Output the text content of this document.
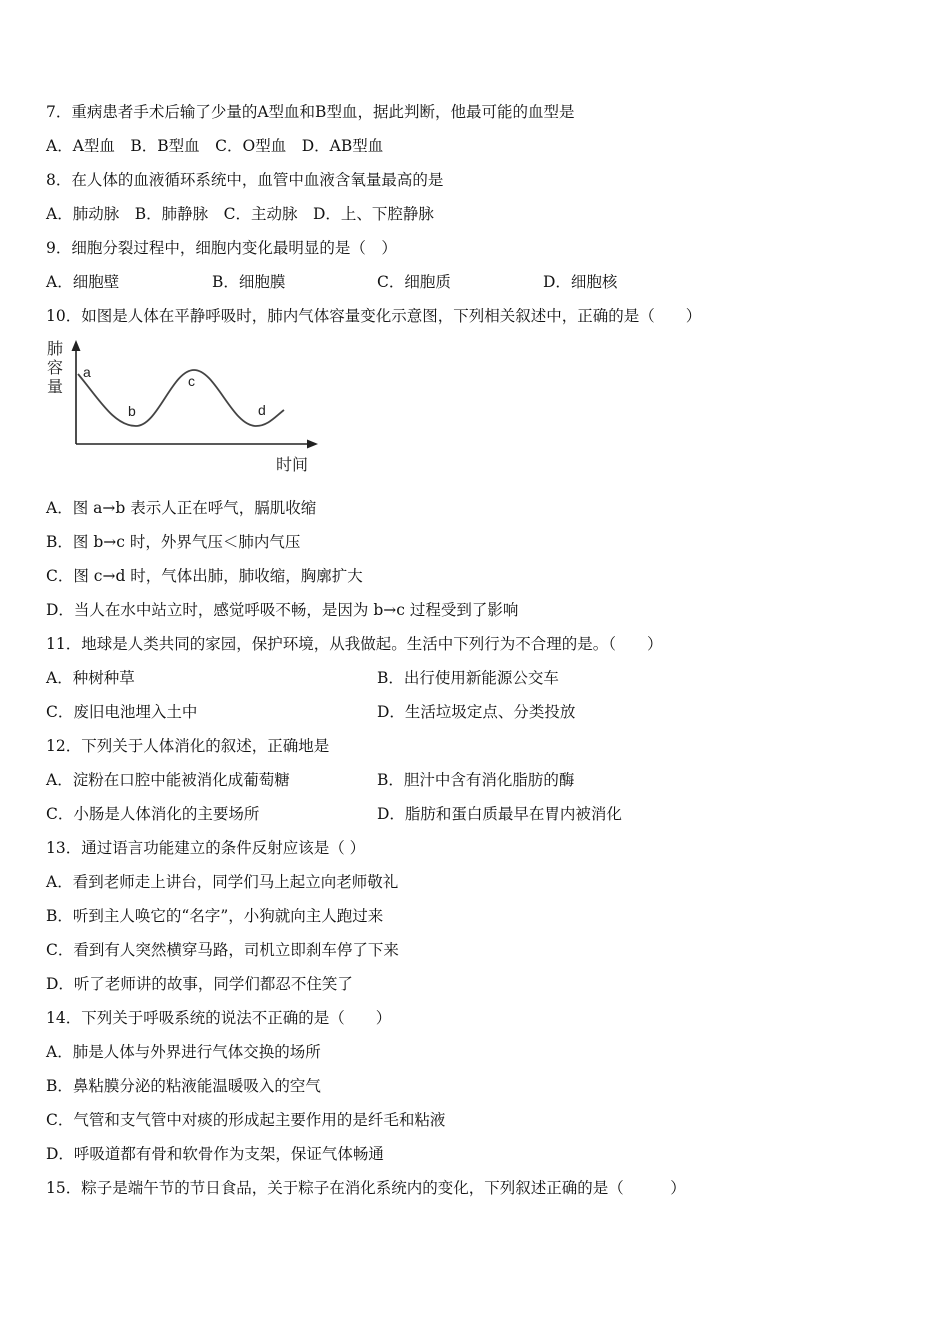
7．重病患者手术后输了少量的A型血和B型血，据此判断，他最可能的血型是
A．A型血　B．B型血　C．O型血　D．AB型血
8．在人体的血液循环系统中，血管中血液含氧量最高的是
A．肺动脉　B．肺静脉　C．主动脉　D．上、下腔静脉
9．细胞分裂过程中，细胞内变化最明显的是（　）
A．细胞壁	B．细胞膜	C．细胞质	D．细胞核
10．如图是人体在平静呼吸时，肺内气体容量变化示意图，下列相关叙述中，正确的是（　　）
肺 容 量
时间
a
b
c
d
A．图 a→b 表示人正在呼气，膈肌收缩
B．图 b→c 时，外界气压＜肺内气压
C．图 c→d 时，气体出肺，肺收缩，胸廓扩大
D．当人在水中站立时，感觉呼吸不畅，是因为 b→c 过程受到了影响
11．地球是人类共同的家园，保护环境，从我做起。生活中下列行为不合理的是。（　　）
A．种树种草	B．出行使用新能源公交车
C．废旧电池埋入土中	D．生活垃圾定点、分类投放
12．下列关于人体消化的叙述，正确地是
A．淀粉在口腔中能被消化成葡萄糖	B．胆汁中含有消化脂肪的酶
C．小肠是人体消化的主要场所	D．脂肪和蛋白质最早在胃内被消化
13．通过语言功能建立的条件反射应该是（ ）
A．看到老师走上讲台，同学们马上起立向老师敬礼
B．听到主人唤它的“名字”，小狗就向主人跑过来
C．看到有人突然横穿马路，司机立即刹车停了下来
D．听了老师讲的故事，同学们都忍不住笑了
14．下列关于呼吸系统的说法不正确的是（　　）
A．肺是人体与外界进行气体交换的场所
B．鼻粘膜分泌的粘液能温暖吸入的空气
C．气管和支气管中对痰的形成起主要作用的是纤毛和粘液
D．呼吸道都有骨和软骨作为支架，保证气体畅通
15．粽子是端午节的节日食品，关于粽子在消化系统内的变化，下列叙述正确的是（　　　）
